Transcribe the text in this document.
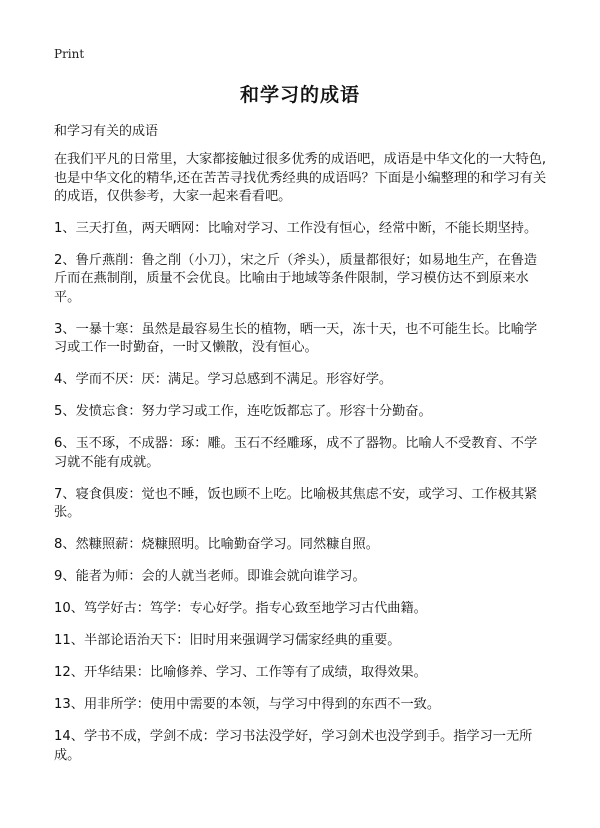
Print
和学习的成语

和学习有关的成语

在我们平凡的日常里，大家都接触过很多优秀的成语吧，成语是中华文化的一大特色,也是中华文化的精华,还在苦苦寻找优秀经典的成语吗？下面是小编整理的和学习有关的成语，仅供参考，大家一起来看看吧。

1、三天打鱼，两天晒网：比喻对学习、工作没有恒心，经常中断，不能长期坚持。

2、鲁斤燕削：鲁之削（小刀），宋之斤（斧头），质量都很好；如易地生产，在鲁造斤而在燕制削，质量不会优良。比喻由于地域等条件限制，学习模仿达不到原来水平。

3、一暴十寒：虽然是最容易生长的植物，晒一天，冻十天，也不可能生长。比喻学习或工作一时勤奋，一时又懒散，没有恒心。

4、学而不厌：厌：满足。学习总感到不满足。形容好学。

5、发愤忘食：努力学习或工作，连吃饭都忘了。形容十分勤奋。

6、玉不琢，不成器：琢：雕。玉石不经雕琢，成不了器物。比喻人不受教育、不学习就不能有成就。

7、寝食俱废：觉也不睡，饭也顾不上吃。比喻极其焦虑不安，或学习、工作极其紧张。

8、然糠照薪：烧糠照明。比喻勤奋学习。同然糠自照。

9、能者为师：会的人就当老师。即谁会就向谁学习。

10、笃学好古：笃学：专心好学。指专心致至地学习古代曲籍。

11、半部论语治天下：旧时用来强调学习儒家经典的重要。

12、开华结果：比喻修养、学习、工作等有了成绩，取得效果。

13、用非所学：使用中需要的本领，与学习中得到的东西不一致。

14、学书不成，学剑不成：学习书法没学好，学习剑术也没学到手。指学习一无所成。
